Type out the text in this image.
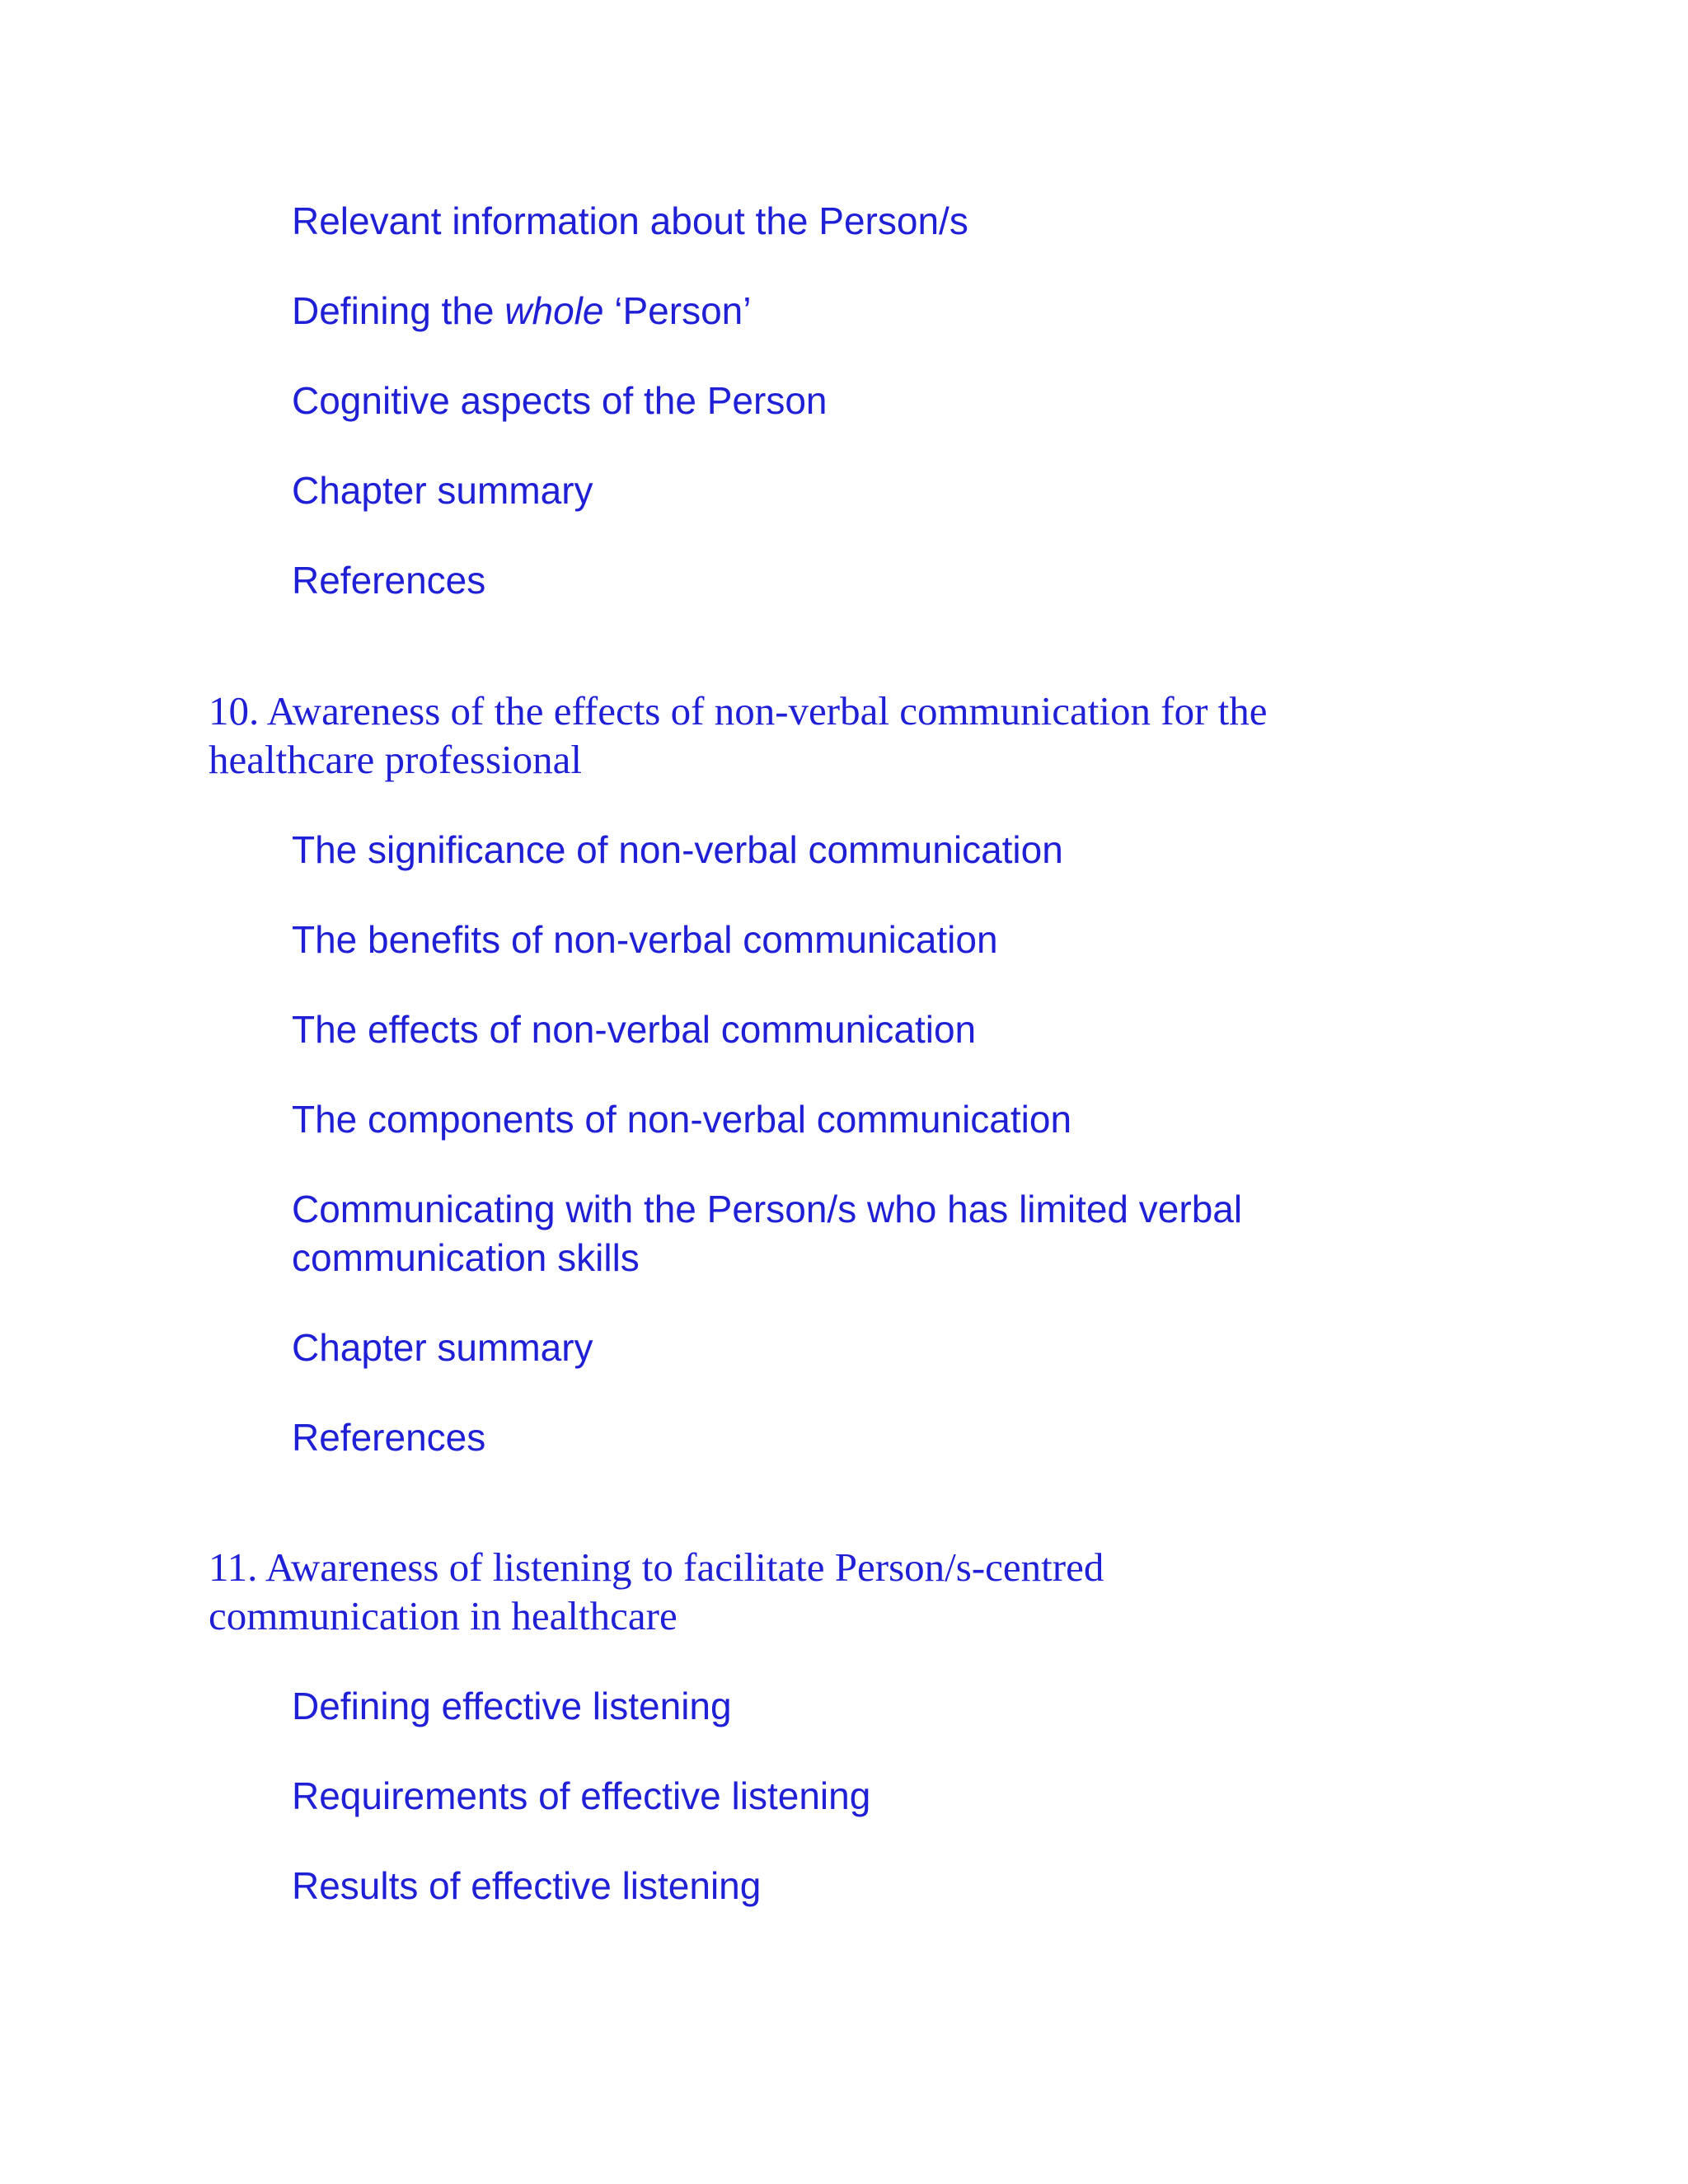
Relevant information about the Person/s
Defining the whole ‘Person’
Cognitive aspects of the Person
Chapter summary
References
10. Awareness of the effects of non-verbal communication for the
healthcare professional
The significance of non-verbal communication
The benefits of non-verbal communication
The effects of non-verbal communication
The components of non-verbal communication
Communicating with the Person/s who has limited verbal
communication skills
Chapter summary
References
11. Awareness of listening to facilitate Person/s-centred
communication in healthcare
Defining effective listening
Requirements of effective listening
Results of effective listening
